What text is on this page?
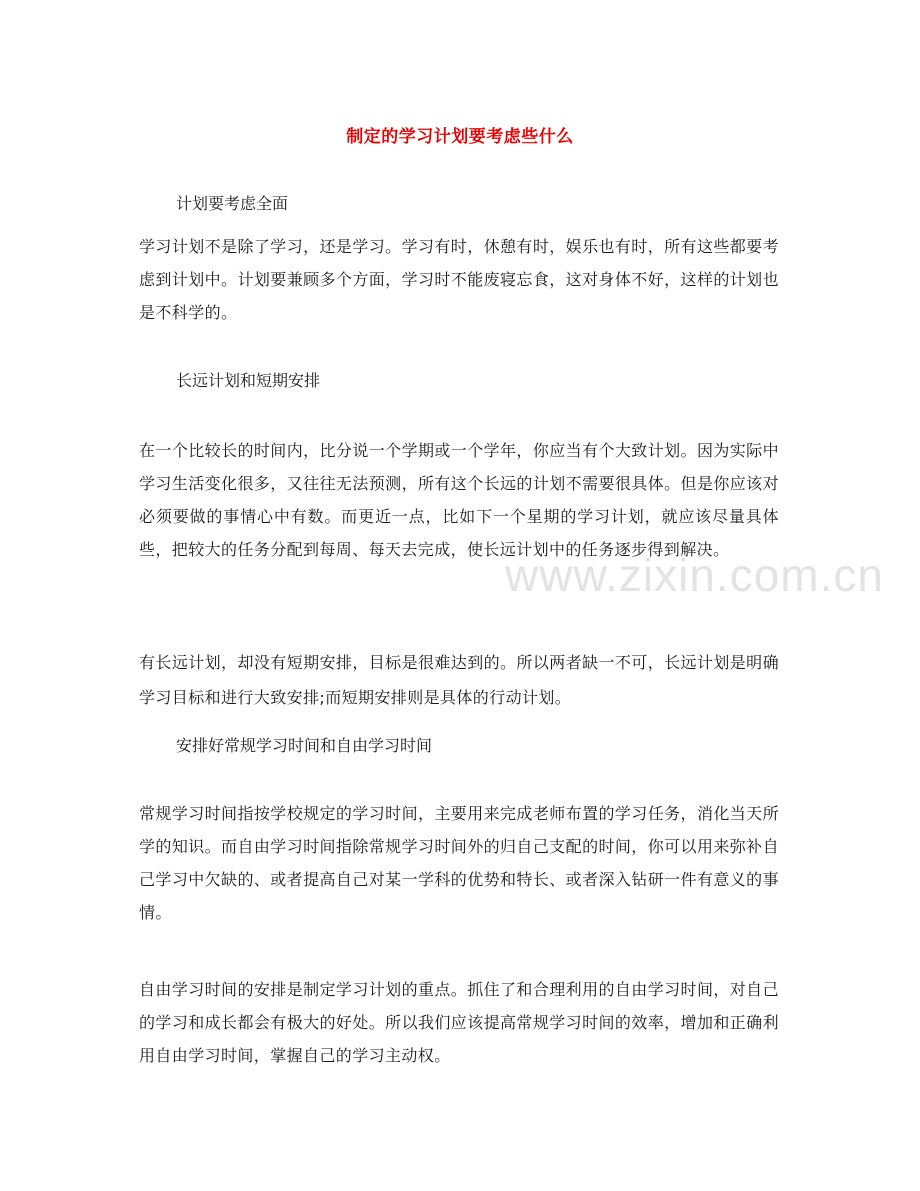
www.zixin.com.cn
制定的学习计划要考虑些什么
计划要考虑全面
学习计划不是除了学习，还是学习。学习有时，休憩有时，娱乐也有时，所有这些都要考虑到计划中。计划要兼顾多个方面，学习时不能废寝忘食，这对身体不好，这样的计划也是不科学的。
长远计划和短期安排
在一个比较长的时间内，比分说一个学期或一个学年，你应当有个大致计划。因为实际中学习生活变化很多，又往往无法预测，所有这个长远的计划不需要很具体。但是你应该对必须要做的事情心中有数。而更近一点，比如下一个星期的学习计划，就应该尽量具体些，把较大的任务分配到每周、每天去完成，使长远计划中的任务逐步得到解决。
有长远计划，却没有短期安排，目标是很难达到的。所以两者缺一不可，长远计划是明确学习目标和进行大致安排;而短期安排则是具体的行动计划。
安排好常规学习时间和自由学习时间
常规学习时间指按学校规定的学习时间，主要用来完成老师布置的学习任务，消化当天所学的知识。而自由学习时间指除常规学习时间外的归自己支配的时间，你可以用来弥补自己学习中欠缺的、或者提高自己对某一学科的优势和特长、或者深入钻研一件有意义的事情。
自由学习时间的安排是制定学习计划的重点。抓住了和合理利用的自由学习时间，对自己的学习和成长都会有极大的好处。所以我们应该提高常规学习时间的效率，增加和正确利用自由学习时间，掌握自己的学习主动权。
